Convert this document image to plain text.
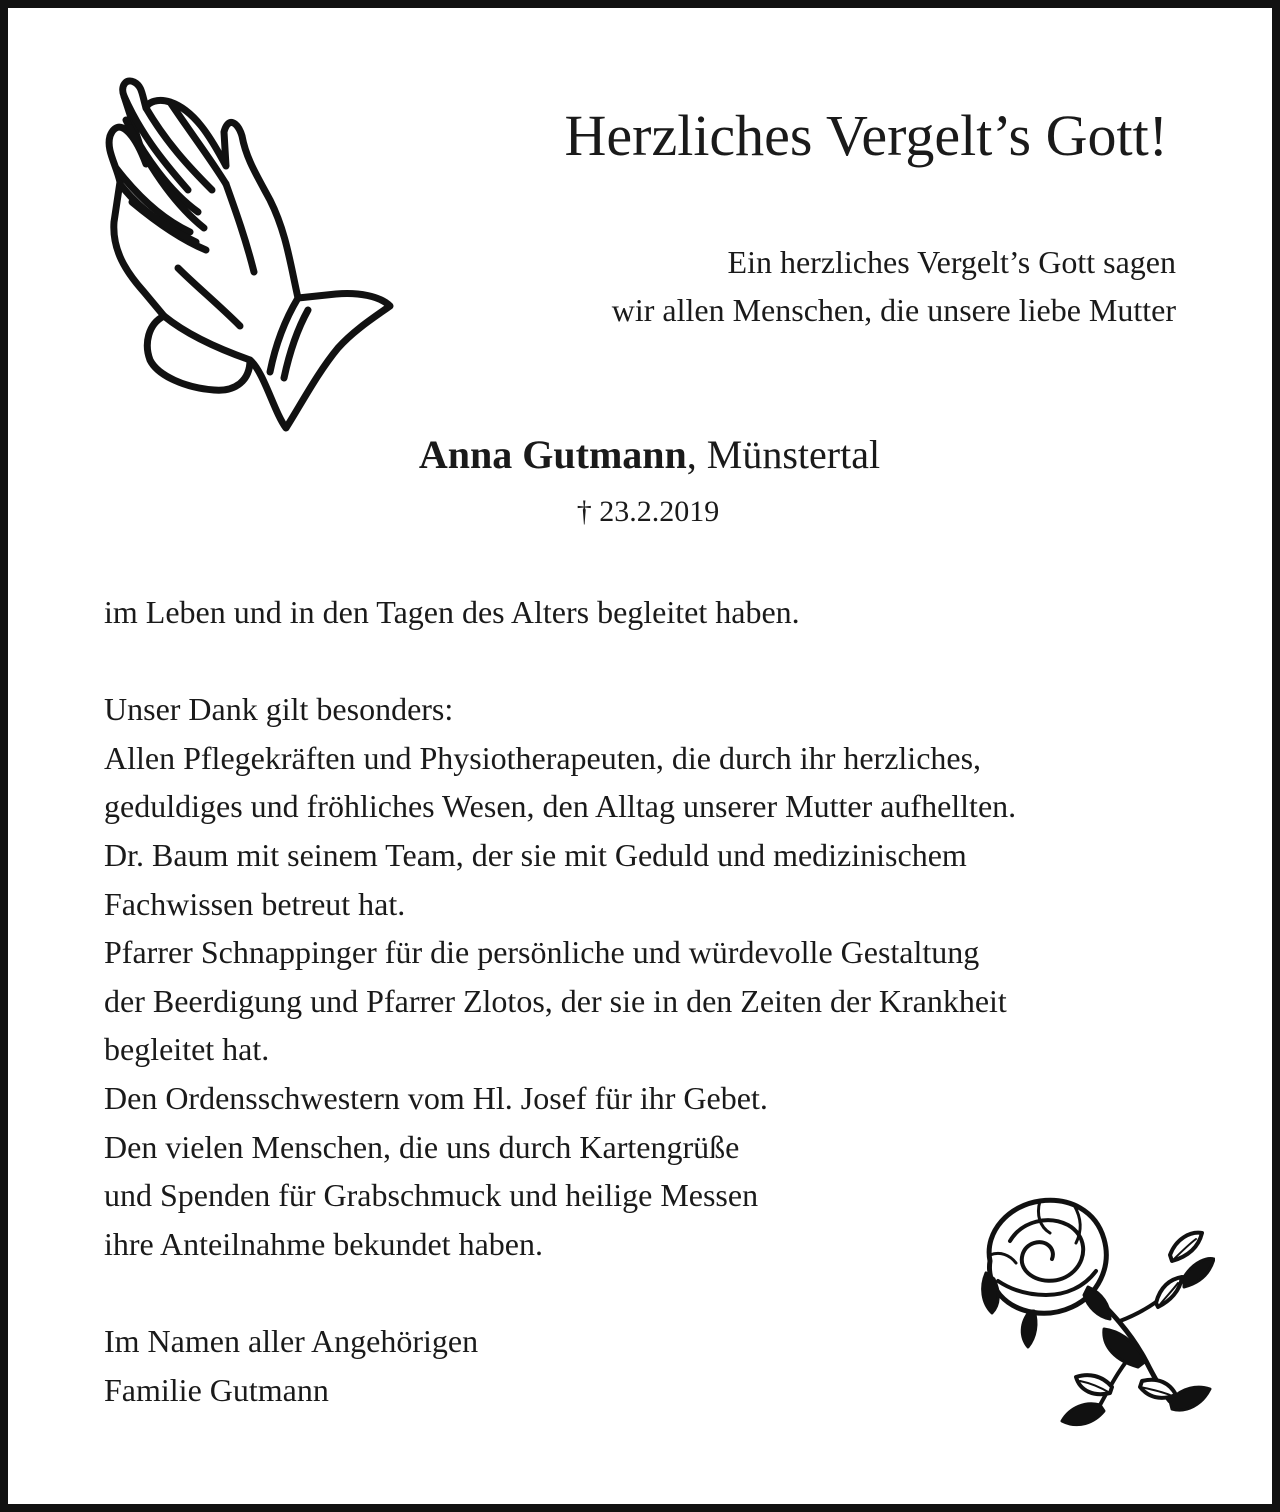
Herzliches Vergelt’s Gott!
Ein herzliches Vergelt’s Gott sagen
wir allen Menschen, die unsere liebe Mutter
Anna Gutmann, Münstertal
† 23.2.2019
im Leben und in den Tagen des Alters begleitet haben.
Unser Dank gilt besonders:
Allen Pflegekräften und Physiotherapeuten, die durch ihr herzliches,
geduldiges und fröhliches Wesen, den Alltag unserer Mutter aufhellten.
Dr. Baum mit seinem Team, der sie mit Geduld und medizinischem
Fachwissen betreut hat.
Pfarrer Schnappinger für die persönliche und würdevolle Gestaltung
der Beerdigung und Pfarrer Zlotos, der sie in den Zeiten der Krankheit
begleitet hat.
Den Ordensschwestern vom Hl. Josef für ihr Gebet.
Den vielen Menschen, die uns durch Kartengrüße
und Spenden für Grabschmuck und heilige Messen
ihre Anteilnahme bekundet haben.
Im Namen aller Angehörigen
Familie Gutmann
